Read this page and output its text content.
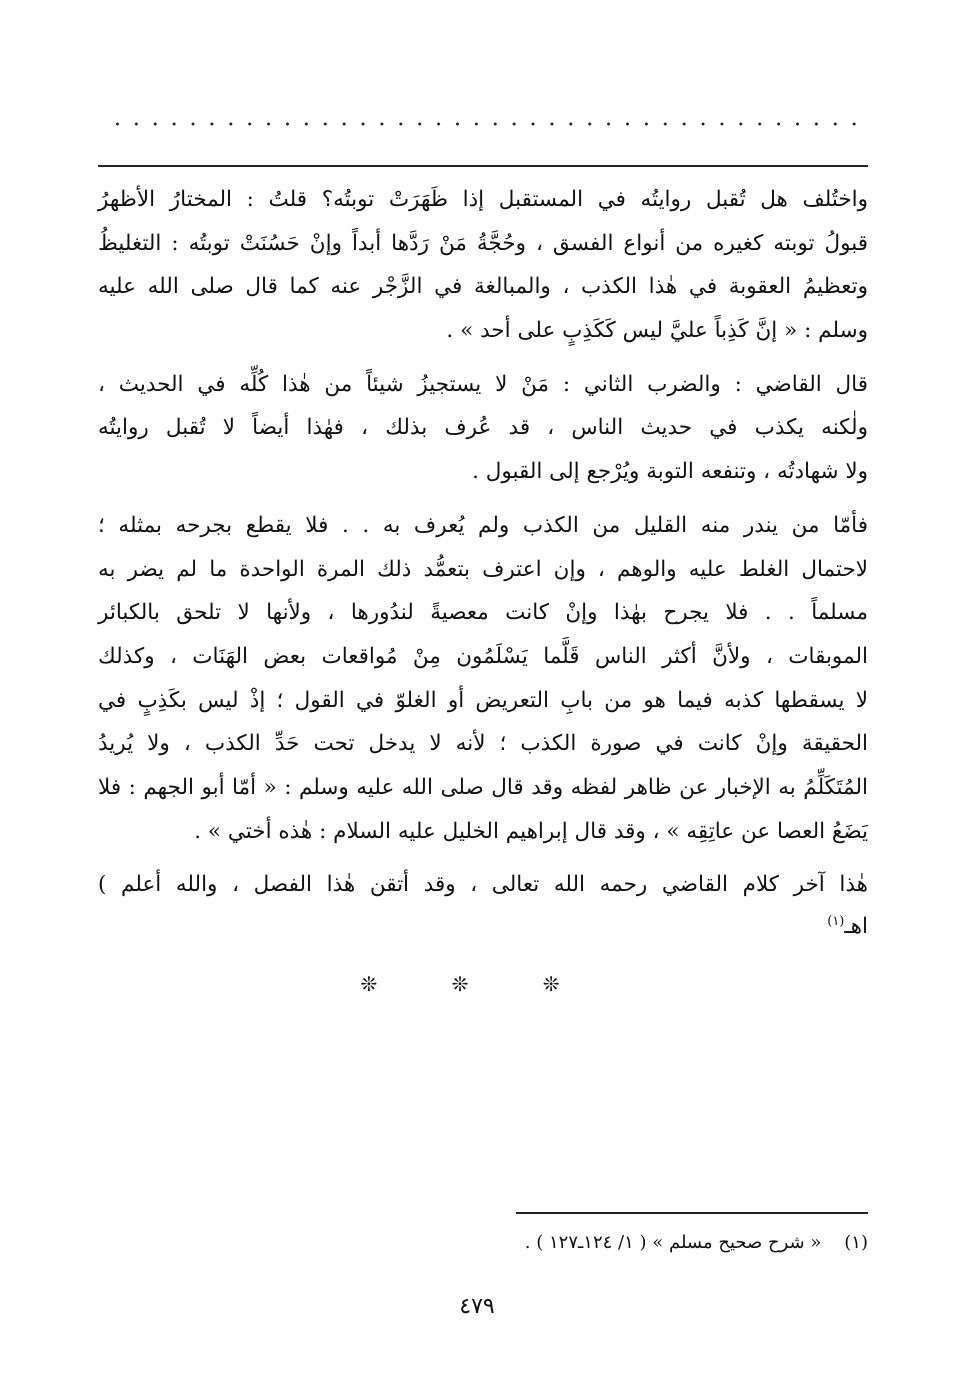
واختُلف هل تُقبل روايتُه في المستقبل إذا ظَهَرَتْ توبتُه؟ قلتُ : المختارُ الأظهرُ
قبولُ توبته كغيره من أنواع الفسق ، وحُجَّةُ مَنْ رَدَّها أبداً وإنْ حَسُنَتْ توبتُه : التغليظُ
وتعظيمُ العقوبة في هٰذا الكذب ، والمبالغة في الزَّجْر عنه كما قال صلى الله عليه
وسلم : « إنَّ كَذِباً عليَّ ليس كَكَذِبٍ على أحد » .
قال القاضي : والضرب الثاني : مَنْ لا يستجيزُ شيئاً من هٰذا كُلِّه في الحديث ،
ولٰكنه يكذب في حديث الناس ، قد عُرف بذلك ، فهٰذا أيضاً لا تُقبل روايتُه
ولا شهادتُه ، وتنفعه التوبة ويُرْجع إلى القبول .
فأمّا من يندر منه القليل من الكذب ولم يُعرف به . . فلا يقطع بجرحه بمثله ؛
لاحتمال الغلط عليه والوهم ، وإن اعترف بتعمُّد ذلك المرة الواحدة ما لم يضر به
مسلماً . . فلا يجرح بهٰذا وإنْ كانت معصيةً لندُورها ، ولأنها لا تلحق بالكبائر
الموبقات ، ولأنَّ أكثر الناس قَلَّما يَسْلَمُون مِنْ مُواقعات بعض الهَنَات ، وكذلك
لا يسقطها كذبه فيما هو من بابِ التعريض أو الغلوّ في القول ؛ إذْ ليس بكَذِبٍ في
الحقيقة وإنْ كانت في صورة الكذب ؛ لأنه لا يدخل تحت حَدِّ الكذب ، ولا يُريدُ
المُتَكَلِّمُ به الإخبار عن ظاهر لفظه وقد قال صلى الله عليه وسلم : « أمّا أبو الجهم : فلا
يَضَعُ العصا عن عاتِقِه » ، وقد قال إبراهيم الخليل عليه السلام : هٰذه أختي » .
هٰذا آخر كلام القاضي رحمه الله تعالى ، وقد أتقن هٰذا الفصل ، والله أعلم )
اهـ$^{(١)}$
❊ ❊ ❊
(١)    « شرح صحيح مسلم » ( ١/ ١٢٤ـ١٢٧ ) .
٤٧٩
